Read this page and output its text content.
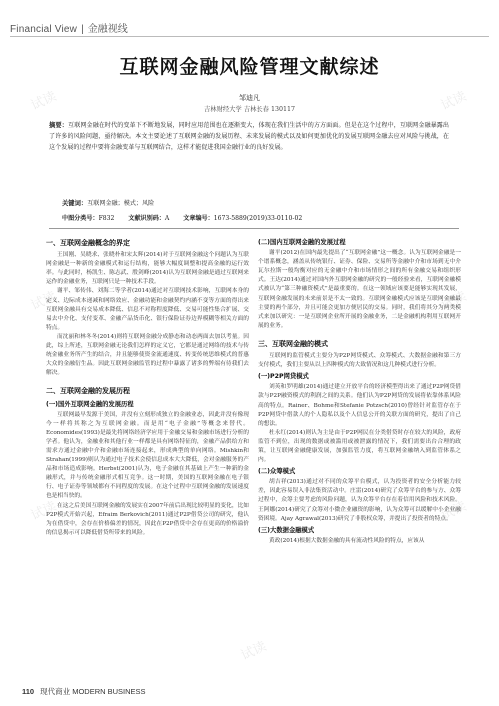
Financial View | 金融视线
试读	试读
试读	试读
试读	试读
试读
互联网金融风险管理文献综述
邹迪凡
吉林财经大学 吉林长春 130117
摘要：互联网金融在时代的变革下不断地发展，同时应用范围也在逐渐变大，体现在我们生活中的方方面面。但是在这个过程中，互联网金融暴露出了许多的风险问题，亟待解决。本文主要论述了互联网金融的发展历程、未来发展的模式以及如何更加优化的发展互联网金融去应对风险与挑战，在这个发展的过程中要将金融变革与互联网结合，这样才能促进我国金融行业的良好发展。
关键词：互联网金融；模式；风险
中图分类号：F832 文献识别码：A 文章编号：1673-5889(2019)33-0110-02
一、互联网金融概念的界定

王国刚、吴晓求、张晓朴和宋太辉(2014)对于互联网金融这个问题认为互联网金融是一种新的金融模式和运行结构，能够大幅度调整和提高金融的运行效率。与此同时，杨凯生、陈志武、殷剑峰(2014)认为互联网金融是通过互联网来运作的金融业务，互联网只是一种技术手段。

谢平、邹传伟、刘海二等学者(2014)通过对互联网技术影响，互联网本身的定义、边际成本递减和网络效应、金融功能和金融契约内涵不变等方面的得出来互联网金融具有交易成本降低、信息不对称程度降低、交易可能性集合扩展、交易去中介化、支付变革、金融产品货币化、银行保险证券边界模糊等相关方面的特点。

而沈丽和林冬冬(2014)则将互联网金融分成静态和动态两面去加以考量。因此，综上所述，互联网金融无论我们怎样的定义它，它都是通过网络的技术与传统金融业务所产生的结合，并且能够使资金流通速度、转变传统思维模式的普惠大众的金融衍生品。因此互联网金融监管的过程中暴露了诸多的弊端有待我们去解决。

二、互联网金融的发展历程
(一)国外互联网金融的发展历程

互联网最早发源于美国，并没有立刻形成独立的金融业态，因此并没有像现今一样将其称之为互联网金融。而是用“电子金融”等概念来替代。Economides(1993)是最先将网络经济学应用于金融交易和金融市场进行分析的学者。他认为，金融业和其他行业一样都是具有网络特征的，金融产品供给方和需求方通过金融中介和金融市场连接起来，形成典型的单向网络。Mishkin和Strahan(1999)则认为通过电子技术会使信息成本大大降低，会对金融服务的产品和市场造成影响。Herbst(2001)认为，电子金融在其基础上产生一种新的金融形式，并与传统金融形式相互竞争。这一时期，美国的互联网金融在电子银行、电子证券等领域都有不同程度的发展。在这个过程中互联网金融的发展速度也是相当快的。

在这之后美国互联网金融的发展实在2007年前后出现比较明显的变化，比如P2P模式开始兴起，Efraim Berkovich(2011)通过P2P借贷公司的研究，他认为在借贷中，会存在价格偏差的情况，因此在P2P借贷中会存在更高的价格溢价的信息揭示可以降低借贷所带来的风险。

(二)国内互联网金融的发展过程

谢平(2012)在国内最先提出了“互联网金融”这一概念。认为互联网金融是一个谱系概念，涵盖从传统银行、证券、保险、交易所等金融中介和市场到无中介瓦尔拉斯一般均衡对应的无金融中介和市场情形之间的所有金融交易和组织形式。王达(2014)通过对国内外互联网金融的研究的一般经验来看，互联网金融模式被认为“第三种融资模式”是最重要的。在这一领域应该要是能够实现其发展，互联网金融发展的未来前景是不太一致的。互联网金融模式应该是互联网金融最主要的两个部分，并且可能会更加方便居民的交易。同时，我们将其分为两类模式来加以研究：一是互联网企业所开展的金融业务，二是金融机构利用互联网开展的业务。

三、互联网金融的模式

互联网的监管模式主要分为P2P网贷模式、众筹模式、大数据金融和第三方支付模式，我们主要从以上四种模式的大致情况和这几种模式进行分析。

(一)P2P网贷模式

刘英和罗明雄(2014)通过建立开放平台的经济模型得出来了通过P2P网贷借款与P2P融资模式的利润之间的关系。他们认为P2P网贷的发展将依靠体系风险高的特点。Rainer、Bohme和Stefanie Potzsch(2010)曾经针对监管存在于P2P网贷中借款人的个人隐私以及个人信息公开的关联方面的研究，提出了自己的想法。

杜永红(2014)则认为主是由于P2P网民在分类借贷时存在较大的风险，政府监管不到位，出现的数据或被滥用或被泄露的情况下，我们需要出台合理的政策，让互联网金融健康发展，加强监管力度，将互联网金融纳入到监管体系之内。

(二)众筹模式

胡吉祥(2013)通过对不同的众筹平台模式，认为投资者的安全分析能力较差，因此容易误入非法集资活动中。庄雷(2014)研究了众筹平台的参与方、众筹过程中，众筹主要考虑的风险问题，认为众筹平台存在着信用风险和技术风险。王阿娜(2014)研究了众筹对小微企业融资的影响，认为众筹可以缓解中小企业融资困境。Ajay Agrawal(2013)研究了非股权众筹，并提出了投资者的特点。

(三)大数据金融模式

黄政(2014)根据大数据金融的具有流动性风险的特点，应该从

110 现代商业 MODERN BUSINESS
